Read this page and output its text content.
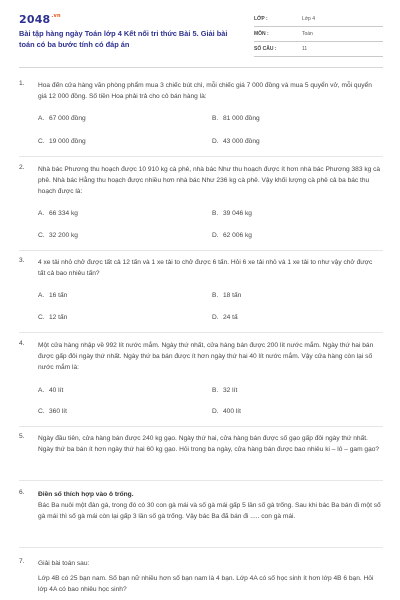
$2048^{.vn}$
Bài tập hàng ngày Toán lớp 4 Kết nối tri thức Bài 5. Giải bài toán có ba bước tính có đáp án
LỚP :	Lớp 4
MÔN :	Toán
SỐ CÂU :	11
1. Hoa đến cửa hàng văn phòng phẩm mua 3 chiếc bút chì, mỗi chiếc giá 7 000 đồng và mua 5 quyển vở, mỗi quyển giá 12 000 đồng. Số tiền Hoa phải trả cho cô bán hàng là:
A. 67 000 đồng	B. 81 000 đồng
C. 19 000 đồng	D. 43 000 đồng
2. Nhà bác Phương thu hoạch được 10 910 kg cà phê, nhà bác Như thu hoạch được ít hơn nhà bác Phương 383 kg cà phê. Nhà bác Hằng thu hoạch được nhiều hơn nhà bác Như 236 kg cà phê. Vậy khối lượng cà phê cả ba bác thu hoạch được là:
A. 66 334 kg	B. 39 046 kg
C. 32 200 kg	D. 62 006 kg
3. 4 xe tải nhỏ chở được tất cả 12 tấn và 1 xe tải to chở được 6 tấn. Hỏi 6 xe tải nhỏ và 1 xe tải to như vậy chở được tất cả bao nhiêu tấn?
A. 16 tấn	B. 18 tấn
C. 12 tấn	D. 24 tấ
4. Một cửa hàng nhập về 992 lít nước mắm. Ngày thứ nhất, cửa hàng bán được 200 lít nước mắm. Ngày thứ hai bán được gấp đôi ngày thứ nhất. Ngày thứ ba bán được ít hơn ngày thứ hai 40 lít nước mắm. Vậy cửa hàng còn lại số nước mắm là:
A. 40 lít	B. 32 lít
C. 360 lít	D. 400 lít
5. Ngày đầu tiên, cửa hàng bán được 240 kg gạo. Ngày thứ hai, cửa hàng bán được số gạo gấp đôi ngày thứ nhất. Ngày thứ ba bán ít hơn ngày thứ hai 60 kg gạo. Hỏi trong ba ngày, cửa hàng bán được bao nhiêu ki – lô – gam gạo?
6. Điền số thích hợp vào ô trống.
Bác Ba nuôi một đàn gà, trong đó có 30 con gà mái và số gà mái gấp 5 lần số gà trống. Sau khi bác Ba bán đi một số gà mái thì số gà mái còn lại gấp 3 lần số gà trống. Vậy bác Ba đã bán đi ..... con gà mái.
7. Giải bài toán sau:
Lớp 4B có 25 bạn nam. Số bạn nữ nhiều hơn số bạn nam là 4 bạn. Lớp 4A có số học sinh ít hơn lớp 4B 6 bạn. Hỏi lớp 4A có bao nhiêu học sinh?
